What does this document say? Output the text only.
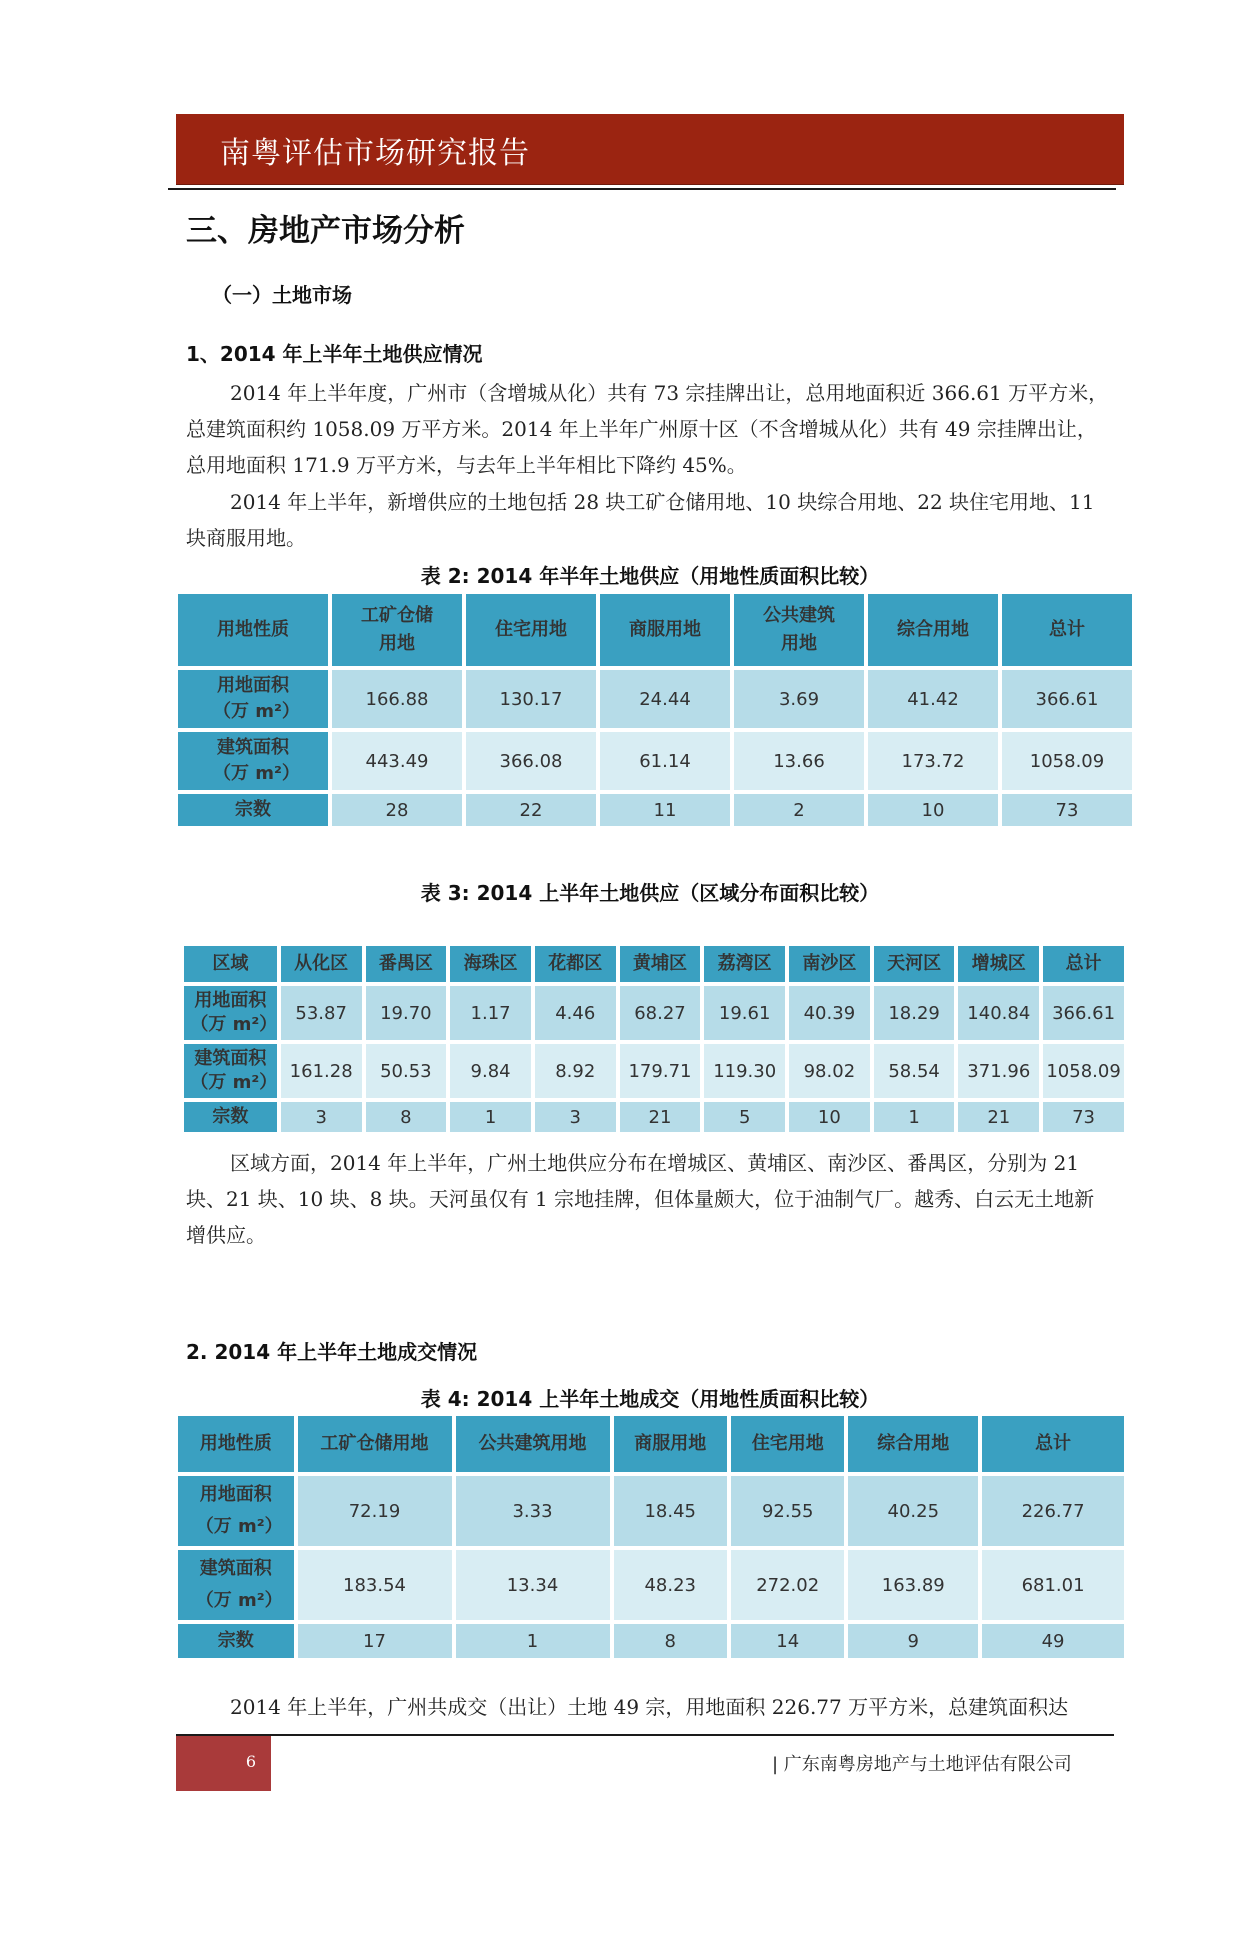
南粤评估市场研究报告
三、房地产市场分析
（一）土地市场
1、2014 年上半年土地供应情况

2014 年上半年度，广州市（含增城从化）共有 73 宗挂牌出让，总用地面积近 366.61 万平方米，总建筑面积约 1058.09 万平方米。2014 年上半年广州原十区（不含增城从化）共有 49 宗挂牌出让，总用地面积 171.9 万平方米，与去年上半年相比下降约 45%。

2014 年上半年，新增供应的土地包括 28 块工矿仓储用地、10 块综合用地、22 块住宅用地、11 块商服用地。

表 2: 2014 年半年土地供应（用地性质面积比较）
用地性质	工矿仓储用地	住宅用地	商服用地	公共建筑用地	综合用地	总计

用地面积（万 m²）	166.88	130.17	24.44	3.69	41.42	366.61

建筑面积（万 m²）	443.49	366.08	61.14	13.66	173.72	1058.09
宗数	28	22	11	2	10	73
表 3: 2014 上半年土地供应（区域分布面积比较）
区域	从化区	番禺区	海珠区	花都区	黄埔区	荔湾区	南沙区	天河区	增城区	总计

用地面积（万 m²）	53.87	19.70	1.17	4.46	68.27	19.61	40.39	18.29	140.84	366.61

建筑面积（万 m²）	161.28	50.53	9.84	8.92	179.71	119.30	98.02	58.54	371.96	1058.09
宗数	3	8	1	3	21	5	10	1	21	73

区域方面，2014 年上半年，广州土地供应分布在增城区、黄埔区、南沙区、番禺区，分别为 21 块、21 块、10 块、8 块。天河虽仅有 1 宗地挂牌，但体量颇大，位于油制气厂。越秀、白云无土地新增供应。

2. 2014 年上半年土地成交情况
表 4: 2014 上半年土地成交（用地性质面积比较）
用地性质	工矿仓储用地	公共建筑用地	商服用地	住宅用地	综合用地	总计

用地面积（万 m²）	72.19	3.33	18.45	92.55	40.25	226.77

建筑面积（万 m²）	183.54	13.34	48.23	272.02	163.89	681.01
宗数	17	1	8	14	9	49

2014 年上半年，广州共成交（出让）土地 49 宗，用地面积 226.77 万平方米，总建筑面积达

6	| 广东南粤房地产与土地评估有限公司
